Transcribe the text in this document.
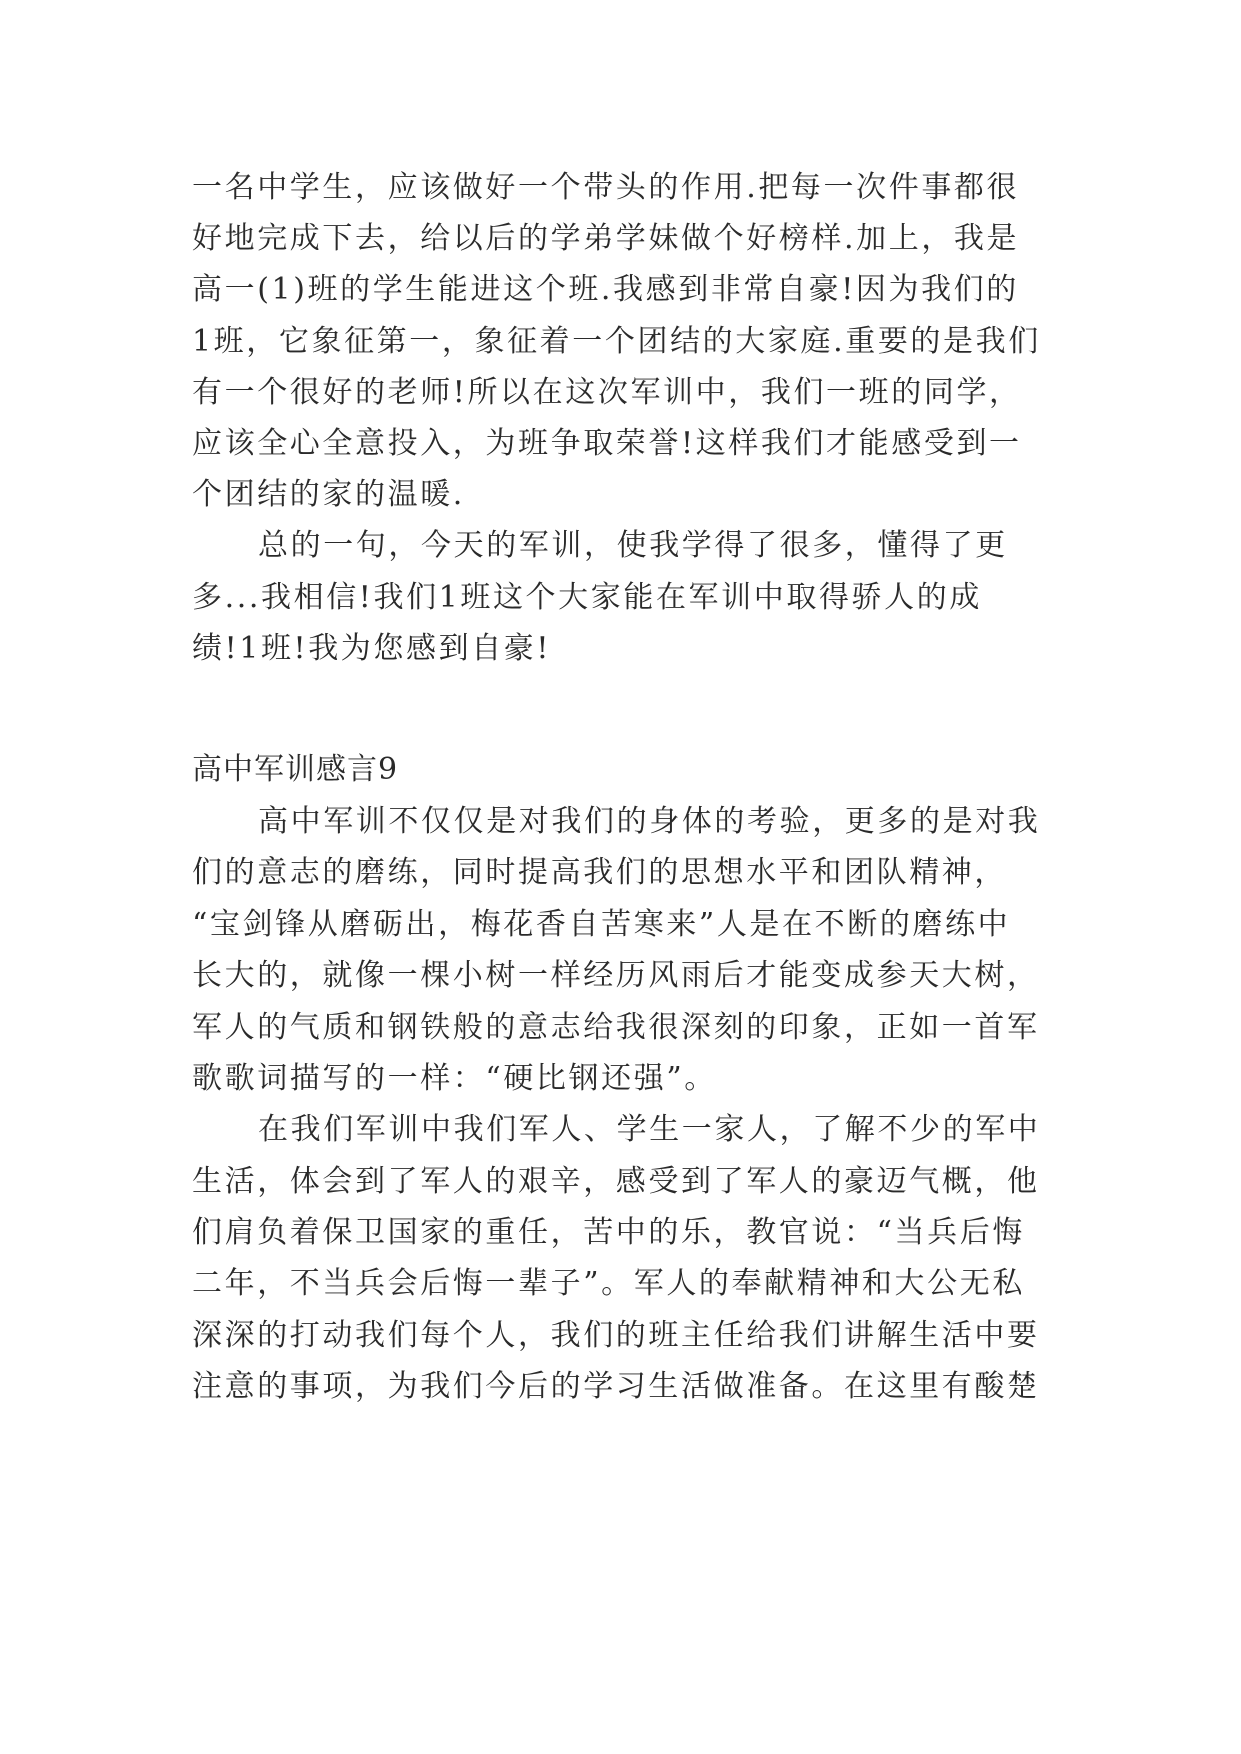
一名中学生，应该做好一个带头的作用.把每一次件事都很

好地完成下去，给以后的学弟学妹做个好榜样.加上，我是

高一(1)班的学生能进这个班.我感到非常自豪!因为我们的

1班，它象征第一，象征着一个团结的大家庭.重要的是我们

有一个很好的老师!所以在这次军训中，我们一班的同学，

应该全心全意投入，为班争取荣誉!这样我们才能感受到一

个团结的家的温暖.

总的一句，今天的军训，使我学得了很多，懂得了更

多...我相信!我们1班这个大家能在军训中取得骄人的成

绩!1班!我为您感到自豪!

高中军训感言9

高中军训不仅仅是对我们的身体的考验，更多的是对我

们的意志的磨练，同时提高我们的思想水平和团队精神，

“宝剑锋从磨砺出，梅花香自苦寒来”人是在不断的磨练中

长大的，就像一棵小树一样经历风雨后才能变成参天大树，

军人的气质和钢铁般的意志给我很深刻的印象，正如一首军

歌歌词描写的一样：“硬比钢还强”。

在我们军训中我们军人、学生一家人，了解不少的军中

生活，体会到了军人的艰辛，感受到了军人的豪迈气概，他

们肩负着保卫国家的重任，苦中的乐，教官说：“当兵后悔

二年，不当兵会后悔一辈子”。军人的奉献精神和大公无私

深深的打动我们每个人，我们的班主任给我们讲解生活中要

注意的事项，为我们今后的学习生活做准备。在这里有酸楚
